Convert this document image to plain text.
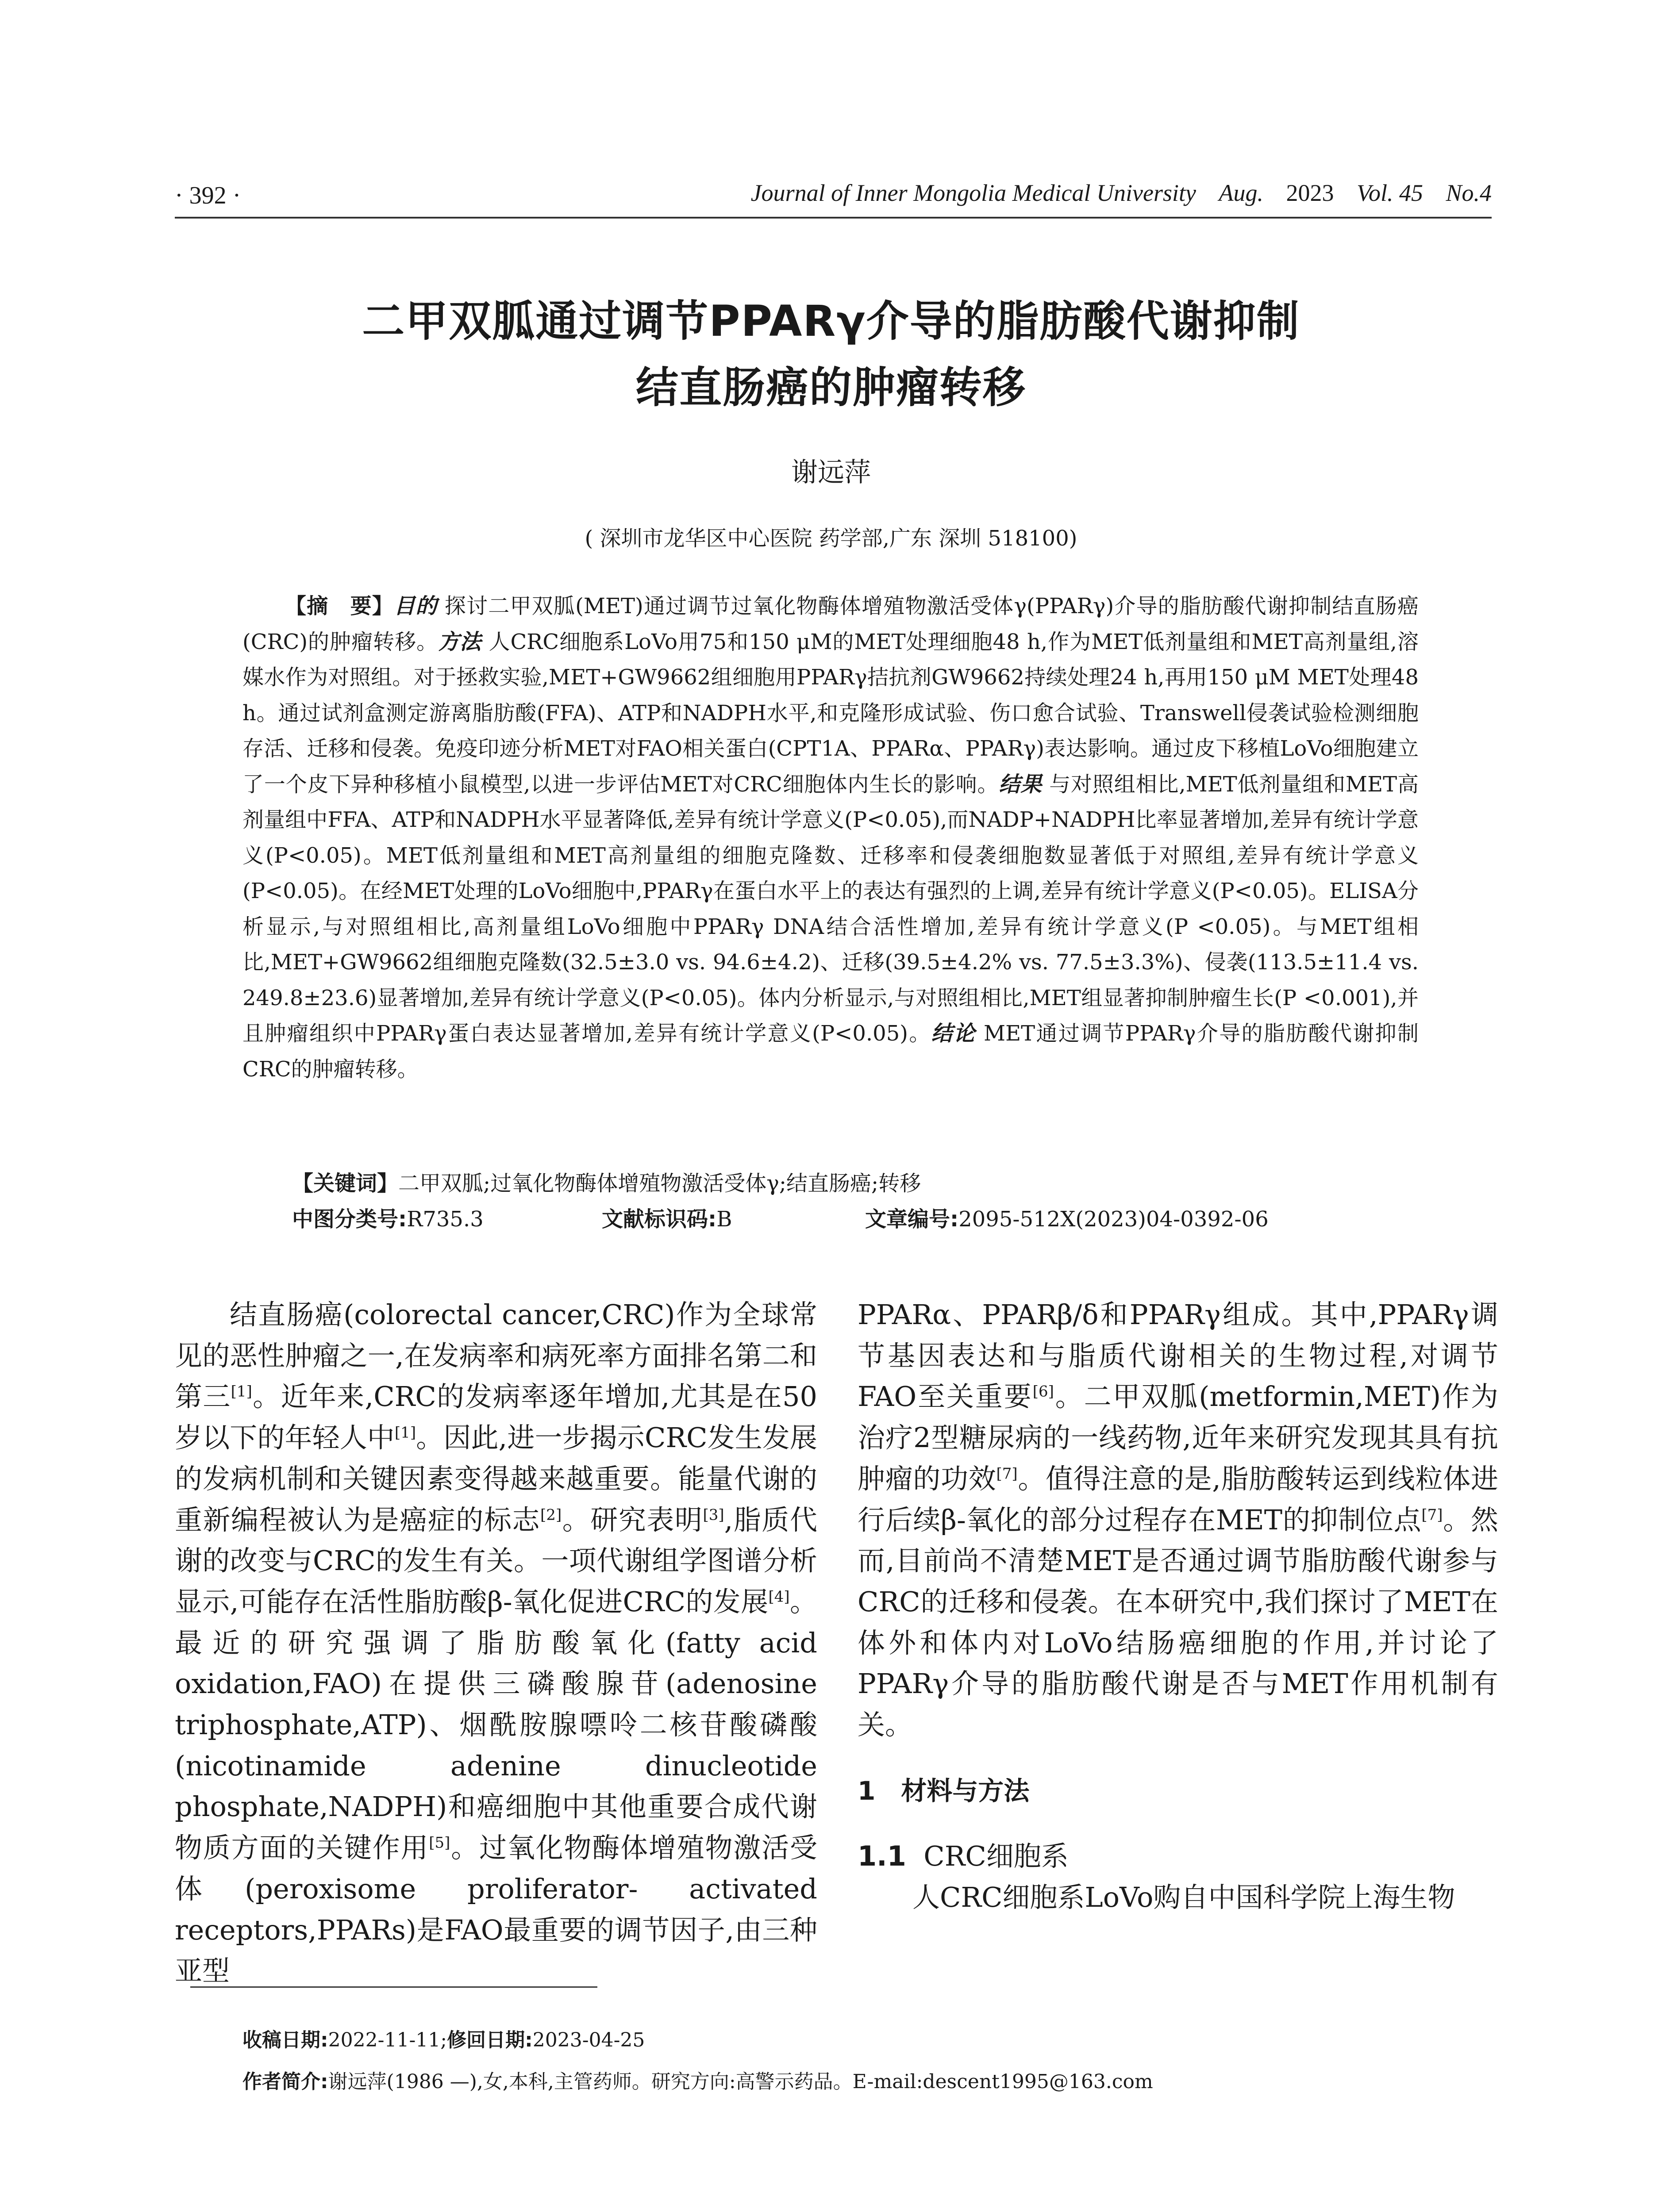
· 392 ·	Journal of Inner Mongolia Medical University Aug. 2023 Vol. 45 No.4
二甲双胍通过调节PPARγ介导的脂肪酸代谢抑制
结直肠癌的肿瘤转移
谢远萍
( 深圳市龙华区中心医院 药学部,广东 深圳 518100)
【摘　要】目的 探讨二甲双胍(MET)通过调节过氧化物酶体增殖物激活受体γ(PPARγ)介导的脂肪酸代谢抑制结直肠癌(CRC)的肿瘤转移。方法 人CRC细胞系LoVo用75和150 μM的MET处理细胞48 h,作为MET低剂量组和MET高剂量组,溶媒水作为对照组。对于拯救实验,MET+GW9662组细胞用PPARγ拮抗剂GW9662持续处理24 h,再用150 μM MET处理48 h。通过试剂盒测定游离脂肪酸(FFA)、ATP和NADPH水平,和克隆形成试验、伤口愈合试验、Transwell侵袭试验检测细胞存活、迁移和侵袭。免疫印迹分析MET对FAO相关蛋白(CPT1A、PPARα、PPARγ)表达影响。通过皮下移植LoVo细胞建立了一个皮下异种移植小鼠模型,以进一步评估MET对CRC细胞体内生长的影响。结果 与对照组相比,MET低剂量组和MET高剂量组中FFA、ATP和NADPH水平显著降低,差异有统计学意义(P<0.05),而NADP+NADPH比率显著增加,差异有统计学意义(P<0.05)。MET低剂量组和MET高剂量组的细胞克隆数、迁移率和侵袭细胞数显著低于对照组,差异有统计学意义(P<0.05)。在经MET处理的LoVo细胞中,PPARγ在蛋白水平上的表达有强烈的上调,差异有统计学意义(P<0.05)。ELISA分析显示,与对照组相比,高剂量组LoVo细胞中PPARγ DNA结合活性增加,差异有统计学意义(P <0.05)。与MET组相比,MET+GW9662组细胞克隆数(32.5±3.0 vs. 94.6±4.2)、迁移(39.5±4.2% vs. 77.5±3.3%)、侵袭(113.5±11.4 vs. 249.8±23.6)显著增加,差异有统计学意义(P<0.05)。体内分析显示,与对照组相比,MET组显著抑制肿瘤生长(P <0.001),并且肿瘤组织中PPARγ蛋白表达显著增加,差异有统计学意义(P<0.05)。结论 MET通过调节PPARγ介导的脂肪酸代谢抑制CRC的肿瘤转移。
【关键词】二甲双胍;过氧化物酶体增殖物激活受体γ;结直肠癌;转移
中图分类号:R735.3	文献标识码:B	文章编号:2095-512X(2023)04-0392-06

结直肠癌(colorectal cancer,CRC)作为全球常见的恶性肿瘤之一,在发病率和病死率方面排名第二和第三[1]。近年来,CRC的发病率逐年增加,尤其是在50岁以下的年轻人中[1]。因此,进一步揭示CRC发生发展的发病机制和关键因素变得越来越重要。能量代谢的重新编程被认为是癌症的标志[2]。研究表明[3],脂质代谢的改变与CRC的发生有关。一项代谢组学图谱分析显示,可能存在活性脂肪酸β-氧化促进CRC的发展[4]。最近的研究强调了脂肪酸氧化(fatty acid oxidation,FAO)在提供三磷酸腺苷(adenosine triphosphate,ATP)、烟酰胺腺嘌呤二核苷酸磷酸(nicotinamide adenine dinucleotide phosphate,NADPH)和癌细胞中其他重要合成代谢物质方面的关键作用[5]。过氧化物酶体增殖物激活受体(peroxisome proliferator- activated receptors,PPARs)是FAO最重要的调节因子,由三种亚型

PPARα、PPARβ/δ和PPARγ组成。其中,PPARγ调节基因表达和与脂质代谢相关的生物过程,对调节FAO至关重要[6]。二甲双胍(metformin,MET)作为治疗2型糖尿病的一线药物,近年来研究发现其具有抗肿瘤的功效[7]。值得注意的是,脂肪酸转运到线粒体进行后续β-氧化的部分过程存在MET的抑制位点[7]。然而,目前尚不清楚MET是否通过调节脂肪酸代谢参与CRC的迁移和侵袭。在本研究中,我们探讨了MET在体外和体内对LoVo结肠癌细胞的作用,并讨论了PPARγ介导的脂肪酸代谢是否与MET作用机制有关。

1　材料与方法

1.1 CRC细胞系

人CRC细胞系LoVo购自中国科学院上海生物

收稿日期:2022-11-11;修回日期:2023-04-25
作者简介:谢远萍(1986 —),女,本科,主管药师。研究方向:高警示药品。E-mail:descent1995@163.com
